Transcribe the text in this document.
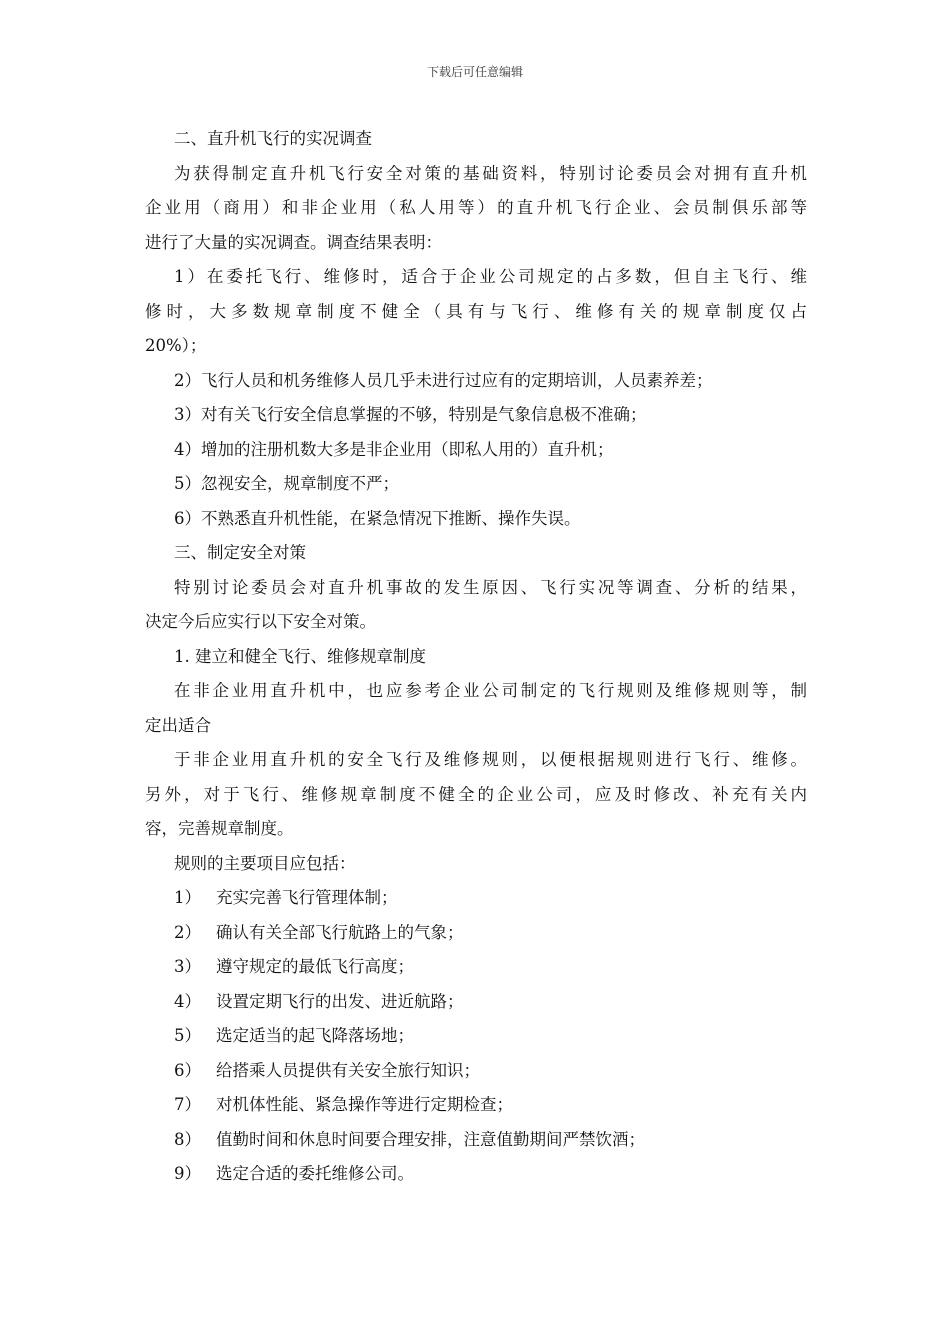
下载后可任意编辑
二、直升机飞行的实况调查
为获得制定直升机飞行安全对策的基础资料，特别讨论委员会对拥有直升机
企业用（商用）和非企业用（私人用等）的直升机飞行企业、会员制俱乐部等
进行了大量的实况调查。调查结果表明：
1）在委托飞行、维修时，适合于企业公司规定的占多数，但自主飞行、维
修时，大多数规章制度不健全（具有与飞行、维修有关的规章制度仅占
20%）；
2）飞行人员和机务维修人员几乎未进行过应有的定期培训，人员素养差；
3）对有关飞行安全信息掌握的不够，特别是气象信息极不准确；
4）增加的注册机数大多是非企业用（即私人用的）直升机；
5）忽视安全，规章制度不严；
6）不熟悉直升机性能，在紧急情况下推断、操作失误。
三、制定安全对策
特别讨论委员会对直升机事故的发生原因、飞行实况等调查、分析的结果，
决定今后应实行以下安全对策。
1. 建立和健全飞行、维修规章制度
在非企业用直升机中，也应参考企业公司制定的飞行规则及维修规则等，制
定出适合
于非企业用直升机的安全飞行及维修规则，以便根据规则进行飞行、维修。
另外，对于飞行、维修规章制度不健全的企业公司，应及时修改、补充有关内
容，完善规章制度。
规则的主要项目应包括：
1） 充实完善飞行管理体制；
2） 确认有关全部飞行航路上的气象；
3） 遵守规定的最低飞行高度；
4） 设置定期飞行的出发、进近航路；
5） 选定适当的起飞降落场地；
6） 给搭乘人员提供有关安全旅行知识；
7） 对机体性能、紧急操作等进行定期检查；
8） 值勤时间和休息时间要合理安排，注意值勤期间严禁饮酒；
9） 选定合适的委托维修公司。
